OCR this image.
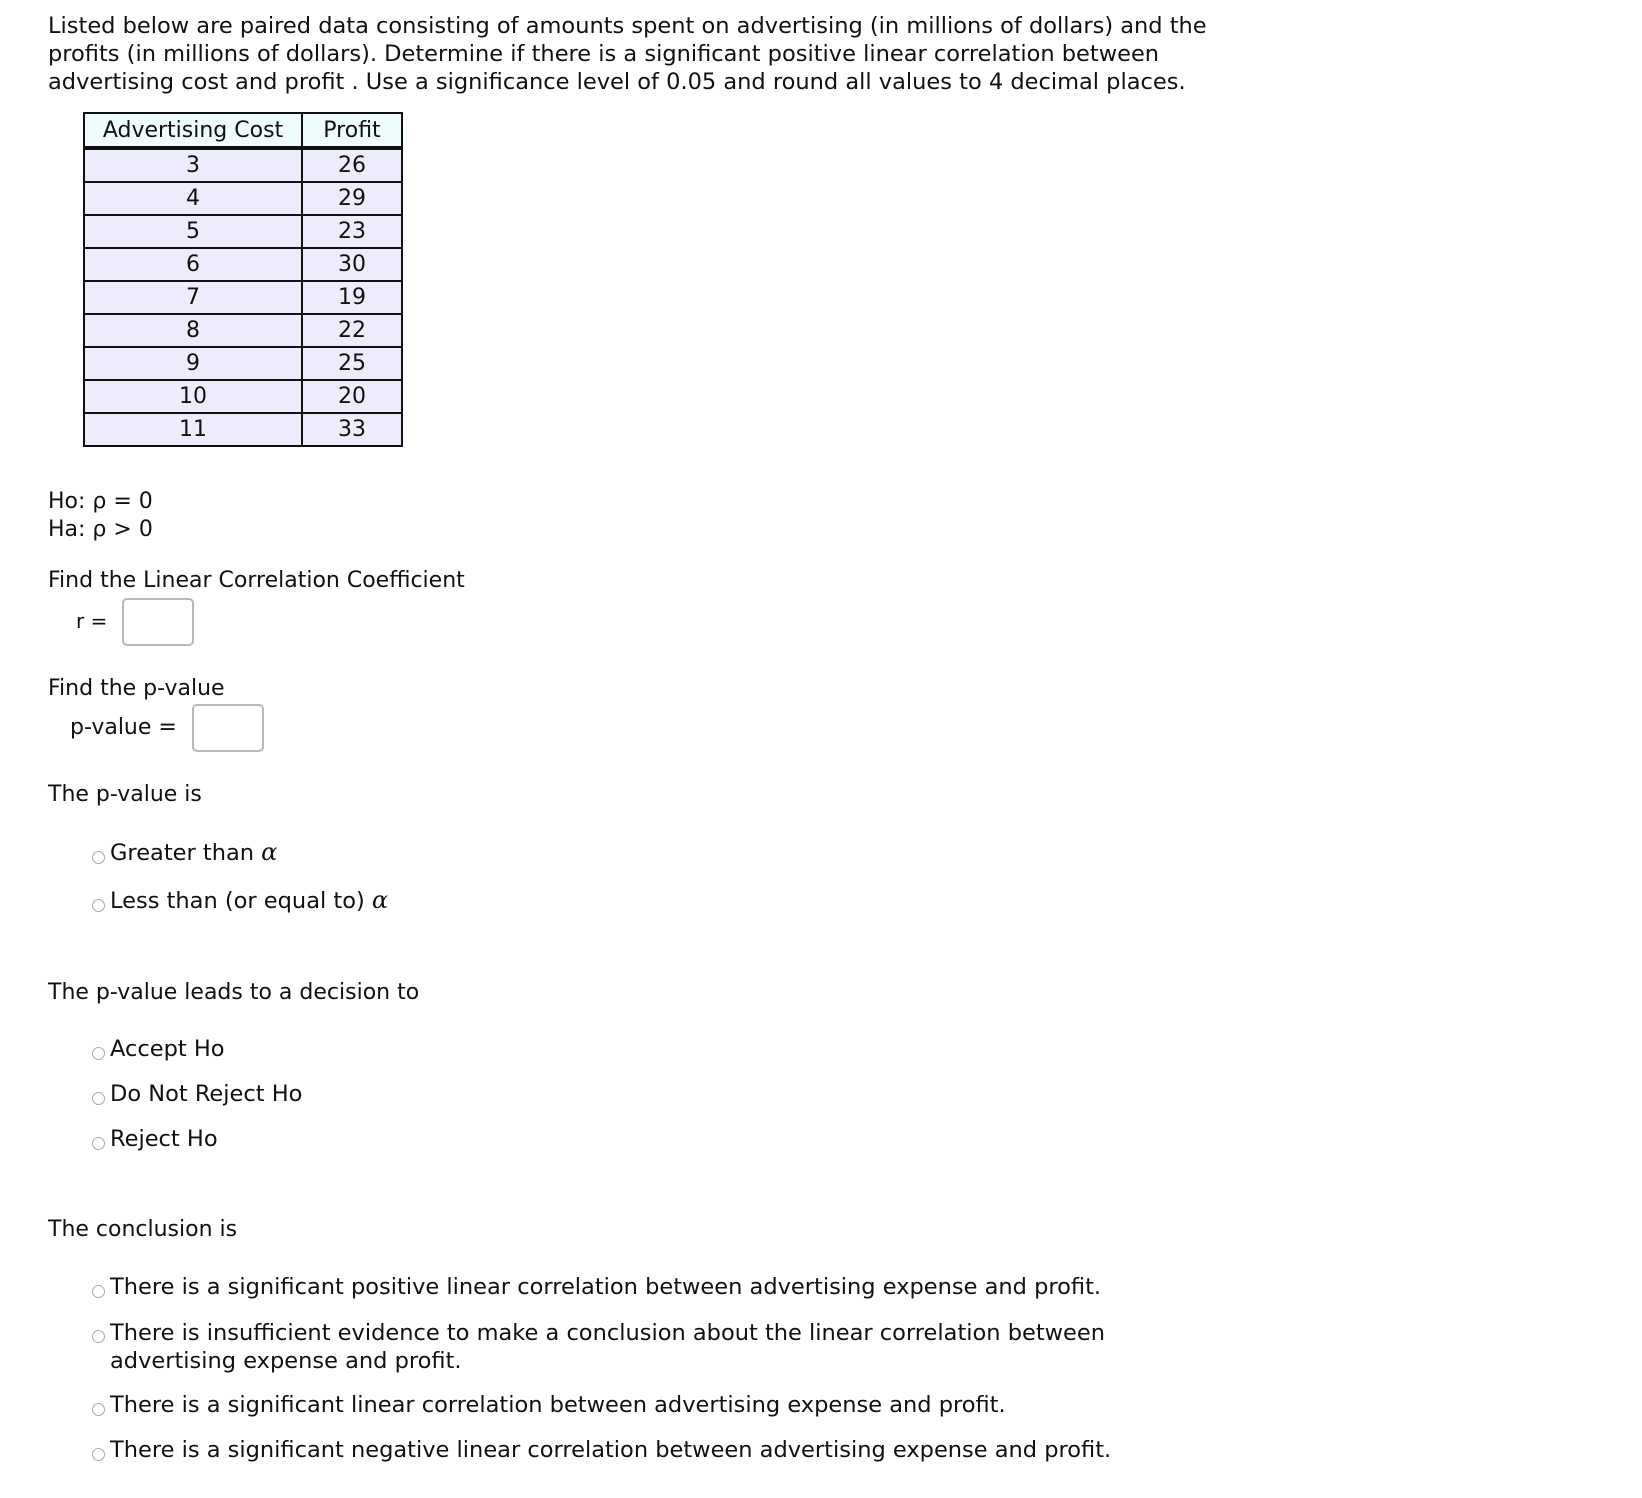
Listed below are paired data consisting of amounts spent on advertising (in millions of dollars) and the profits (in millions of dollars). Determine if there is a significant positive linear correlation between advertising cost and profit . Use a significance level of 0.05 and round all values to 4 decimal places.

Advertising Cost	Profit
3	26
4	29
5	23
6	30
7	19
8	22
9	25
10	20
11	33
Ho: ρ = 0
Ha: ρ > 0
Find the Linear Correlation Coefficient
r =
Find the p-value
p-value =
The p-value is
Greater than α
Less than (or equal to) α
The p-value leads to a decision to
Accept Ho
Do Not Reject Ho
Reject Ho
The conclusion is
There is a significant positive linear correlation between advertising expense and profit.
There is insufficient evidence to make a conclusion about the linear correlation between advertising expense and profit.
There is a significant linear correlation between advertising expense and profit.
There is a significant negative linear correlation between advertising expense and profit.
